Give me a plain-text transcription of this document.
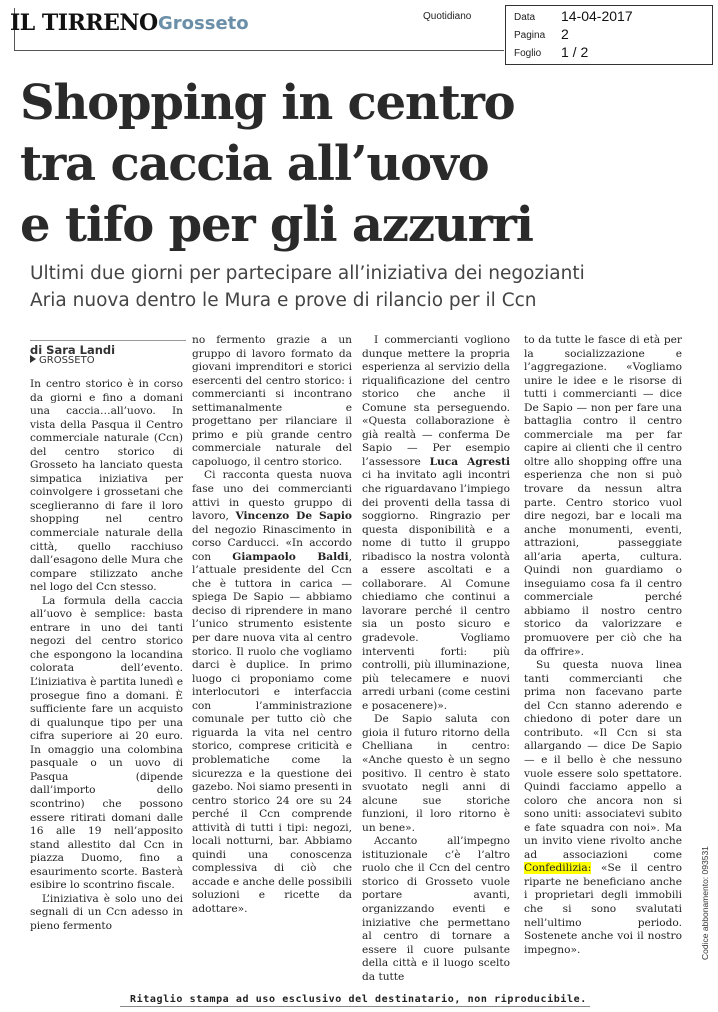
IL TIRRENO Grosseto	Quotidiano	Data 14-04-2017
Pagina 2
Foglio 1 / 2
Shopping in centro
tra caccia all’uovo
e tifo per gli azzurri
Ultimi due giorni per partecipare all’iniziativa dei negozianti
Aria nuova dentro le Mura e prove di rilancio per il Ccn
di Sara Landi
GROSSETO

In centro storico è in corso da giorni e fino a domani una caccia…all’uovo. In vista della Pasqua il Centro commerciale naturale (Ccn) del centro storico di Grosseto ha lanciato questa simpatica iniziativa per coinvolgere i grossetani che sceglieranno di fare il loro shopping nel centro commerciale naturale della città, quello racchiuso dall’esagono delle Mura che compare stilizzato anche nel logo del Ccn stesso.

La formula della caccia all’uovo è semplice: basta entrare in uno dei tanti negozi del centro storico che espongono la locandina colorata dell’evento. L’iniziativa è partita lunedì e prosegue fino a domani. È sufficiente fare un acquisto di qualunque tipo per una cifra superiore ai 20 euro. In omaggio una colombina pasquale o un uovo di Pasqua (dipende dall’importo dello scontrino) che possono essere ritirati domani dalle 16 alle 19 nell’apposito stand allestito dal Ccn in piazza Duomo, fino a esaurimento scorte. Basterà esibire lo scontrino fiscale.

L’iniziativa è solo uno dei segnali di un Ccn adesso in pieno fermento

no fermento grazie a un gruppo di lavoro formato da giovani imprenditori e storici esercenti del centro storico: i commercianti si incontrano settimanalmente e progettano per rilanciare il primo e più grande centro commerciale naturale del capoluogo, il centro storico.

Ci racconta questa nuova fase uno dei commercianti attivi in questo gruppo di lavoro, Vincenzo De Sapio del negozio Rinascimento in corso Carducci. «In accordo con Giampaolo Baldi, l’attuale presidente del Ccn che è tuttora in carica — spiega De Sapio — abbiamo deciso di riprendere in mano l’unico strumento esistente per dare nuova vita al centro storico. Il ruolo che vogliamo darci è duplice. In primo luogo ci proponiamo come interlocutori e interfaccia con l’amministrazione comunale per tutto ciò che riguarda la vita nel centro storico, comprese criticità e problematiche come la sicurezza e la questione dei gazebo. Noi siamo presenti in centro storico 24 ore su 24 perché il Ccn comprende attività di tutti i tipi: negozi, locali notturni, bar. Abbiamo quindi una conoscenza complessiva di ciò che accade e anche delle possibili soluzioni e ricette da adottare».

I commercianti vogliono dunque mettere la propria esperienza al servizio della riqualificazione del centro storico che anche il Comune sta perseguendo. «Questa collaborazione è già realtà — conferma De Sapio — Per esempio l’assessore Luca Agresti ci ha invitato agli incontri che riguardavano l’impiego dei proventi della tassa di soggiorno. Ringrazio per questa disponibilità e a nome di tutto il gruppo ribadisco la nostra volontà a essere ascoltati e a collaborare. Al Comune chiediamo che continui a lavorare perché il centro sia un posto sicuro e gradevole. Vogliamo interventi forti: più controlli, più illuminazione, più telecamere e nuovi arredi urbani (come cestini e posacenere)».

De Sapio saluta con gioia il futuro ritorno della Chelliana in centro: «Anche questo è un segno positivo. Il centro è stato svuotato negli anni di alcune sue storiche funzioni, il loro ritorno è un bene».

Accanto all’impegno istituzionale c’è l’altro ruolo che il Ccn del centro storico di Grosseto vuole portare avanti, organizzando eventi e iniziative che permettano al centro di tornare a essere il cuore pulsante della città e il luogo scelto da tutte

to da tutte le fasce di età per la socializzazione e l’aggregazione. «Vogliamo unire le idee e le risorse di tutti i commercianti — dice De Sapio — non per fare una battaglia contro il centro commerciale ma per far capire ai clienti che il centro oltre allo shopping offre una esperienza che non si può trovare da nessun altra parte. Centro storico vuol dire negozi, bar e locali ma anche monumenti, eventi, attrazioni, passeggiate all’aria aperta, cultura. Quindi non guardiamo o inseguiamo cosa fa il centro commerciale perché abbiamo il nostro centro storico da valorizzare e promuovere per ciò che ha da offrire».

Su questa nuova linea tanti commercianti che prima non facevano parte del Ccn stanno aderendo e chiedono di poter dare un contributo. «Il Ccn si sta allargando — dice De Sapio — e il bello è che nessuno vuole essere solo spettatore. Quindi facciamo appello a coloro che ancora non si sono uniti: associatevi subito e fate squadra con noi». Ma un invito viene rivolto anche ad associazioni come Confedilizia: «Se il centro riparte ne beneficiano anche i proprietari degli immobili che si sono svalutati nell’ultimo periodo. Sostenete anche voi il nostro impegno».

Ritaglio stampa ad uso esclusivo del destinatario, non riproducibile.
Codice abbonamento: 093531
